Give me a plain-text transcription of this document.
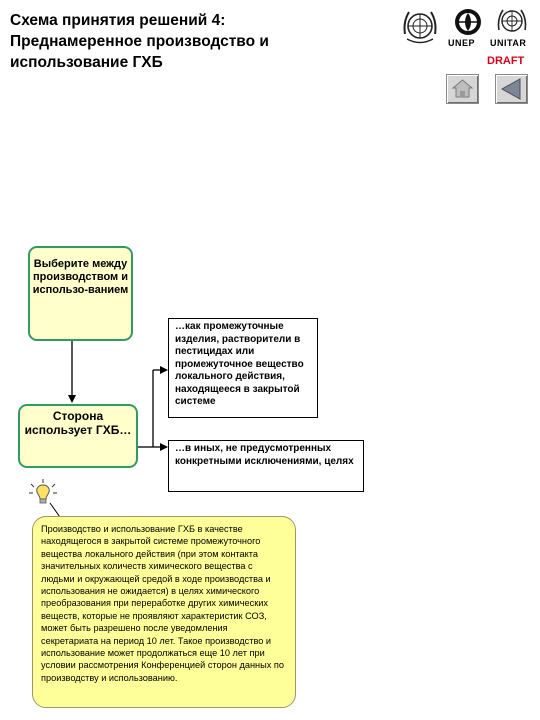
Схема принятия решений 4: Преднамеренное производство и использование ГХБ
UNEP UNITAR
DRAFT
Выберите между производством и использо-ванием
Сторона использует ГХБ…
…как промежуточные изделия, растворители в пестицидах или промежуточное вещество локального действия, находящееся в закрытой системе
…в иных, не предусмотренных конкретными исключениями, целях
Производство и использование ГХБ в качестве находящегося в закрытой системе промежуточного вещества локального действия (при этом контакта значительных количеств химического вещества с людьми и окружающей средой в ходе производства и использования не ожидается) в целях химического преобразования при переработке других химических веществ, которые не проявляют характеристик СОЗ, может быть разрешено после уведомления секретариата на период 10 лет. Такое производство и использование может продолжаться еще 10 лет при условии рассмотрения Конференцией сторон данных по производству и использованию.
